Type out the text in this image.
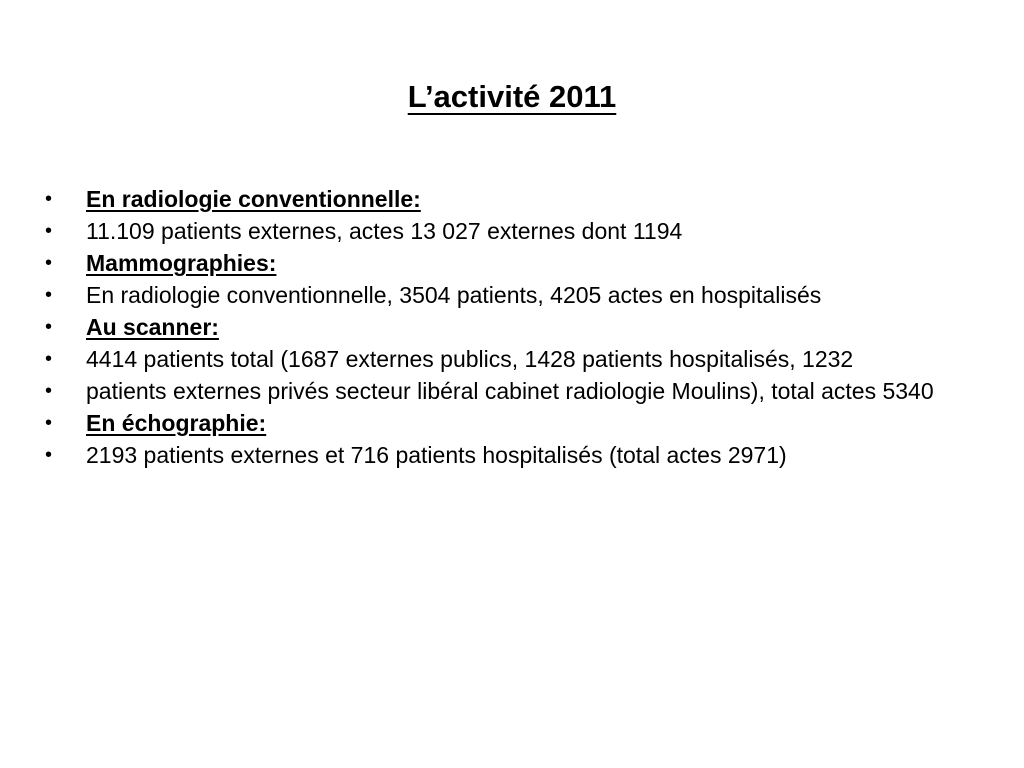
L’activité 2011
•	En radiologie conventionnelle:
•	11.109 patients externes, actes 13 027 externes dont 1194
•	Mammographies:
•	En radiologie conventionnelle, 3504 patients, 4205 actes en hospitalisés
•	Au scanner:
•	4414 patients total (1687 externes publics, 1428 patients hospitalisés, 1232
•	patients externes privés secteur libéral cabinet radiologie Moulins), total actes 5340
•	En échographie:
•	2193 patients externes et 716 patients hospitalisés (total actes 2971)
